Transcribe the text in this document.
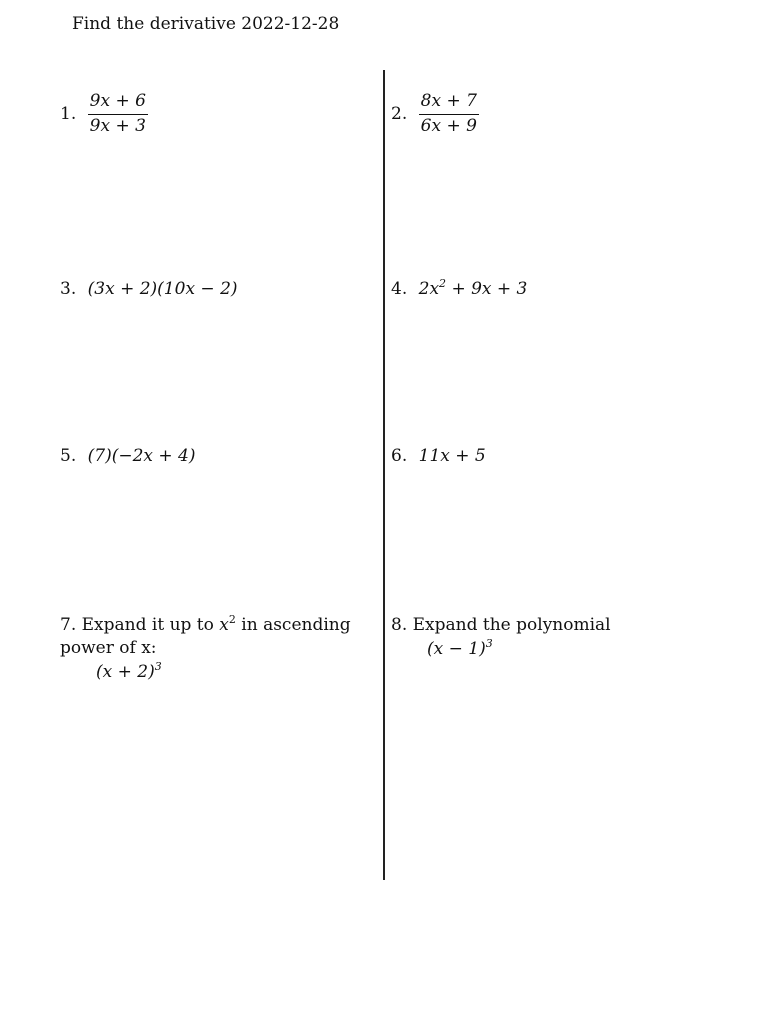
Find the derivative 2022-12-28
1. $\frac{9x + 6}{9x + 3}$	2. $\frac{8x + 7}{6x + 9}$
3. (3x + 2)(10x − 2)	4. $2x^2 + 9x + 3$
5. (7)(−2x + 4)	6. 11x + 5
7. Expand it up to $x^2$ in ascending power of x:
$(x + 2)^3$
8. Expand the polynomial
$(x - 1)^3$
